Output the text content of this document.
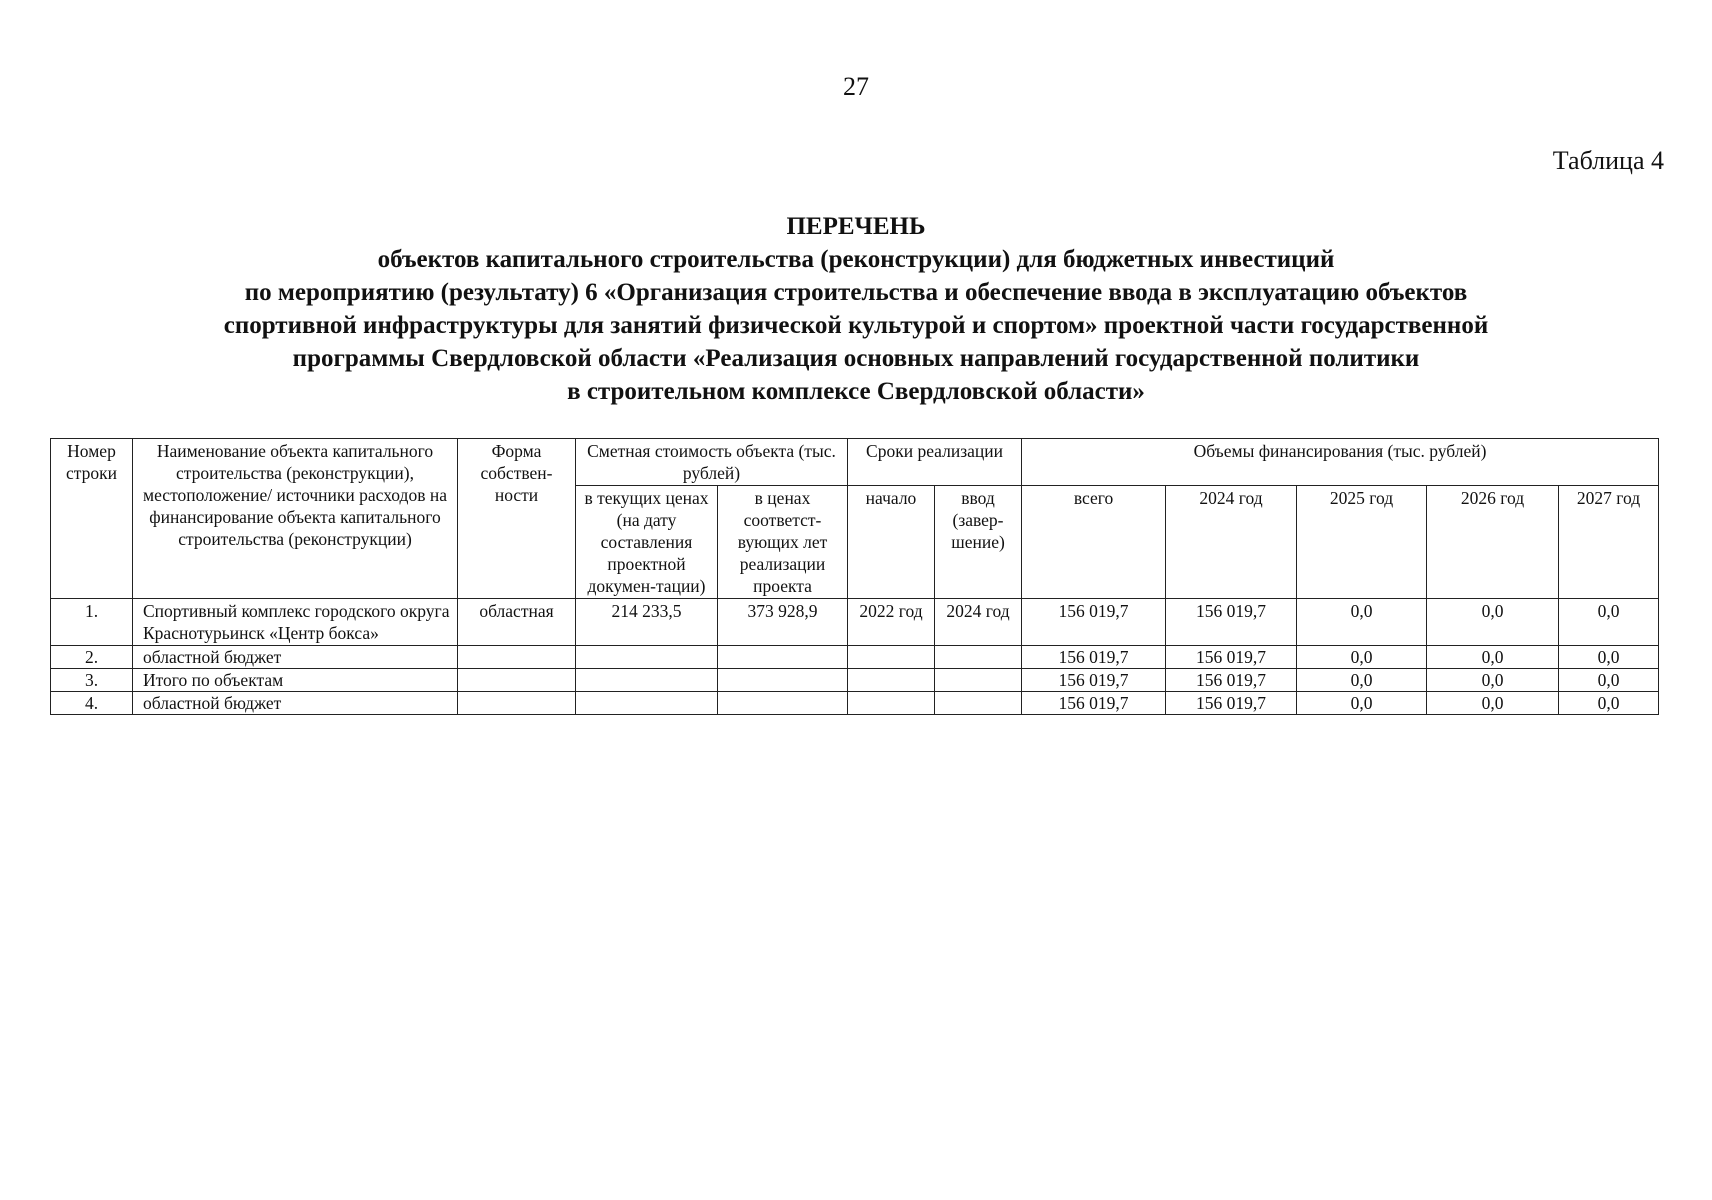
27
Таблица 4
ПЕРЕЧЕНЬ
объектов капитального строительства (реконструкции) для бюджетных инвестиций
по мероприятию (результату) 6 «Организация строительства и обеспечение ввода в эксплуатацию объектов
спортивной инфраструктуры для занятий физической культурой и спортом» проектной части государственной
программы Свердловской области «Реализация основных направлений государственной политики
в строительном комплексе Свердловской области»
Номер строки	Наименование объекта капитального строительства (реконструкции), местоположение/ источники расходов на финансирование объекта капитального строительства (реконструкции)	Форма собствен-ности	Сметная стоимость объекта (тыс. рублей)		Сроки реализации		Объемы финансирования (тыс. рублей)				
			в текущих ценах (на дату составления проектной докумен-тации)	в ценах соответст-вующих лет реализации проекта	начало	ввод (завер-шение)	всего	2024 год	2025 год	2026 год	2027 год
1.	Спортивный комплекс городского округа Краснотурьинск «Центр бокса»	областная	214 233,5	373 928,9	2022 год	2024 год	156 019,7	156 019,7	0,0	0,0	0,0
2.	областной бюджет						156 019,7	156 019,7	0,0	0,0	0,0
3.	Итого по объектам						156 019,7	156 019,7	0,0	0,0	0,0
4.	областной бюджет						156 019,7	156 019,7	0,0	0,0	0,0
